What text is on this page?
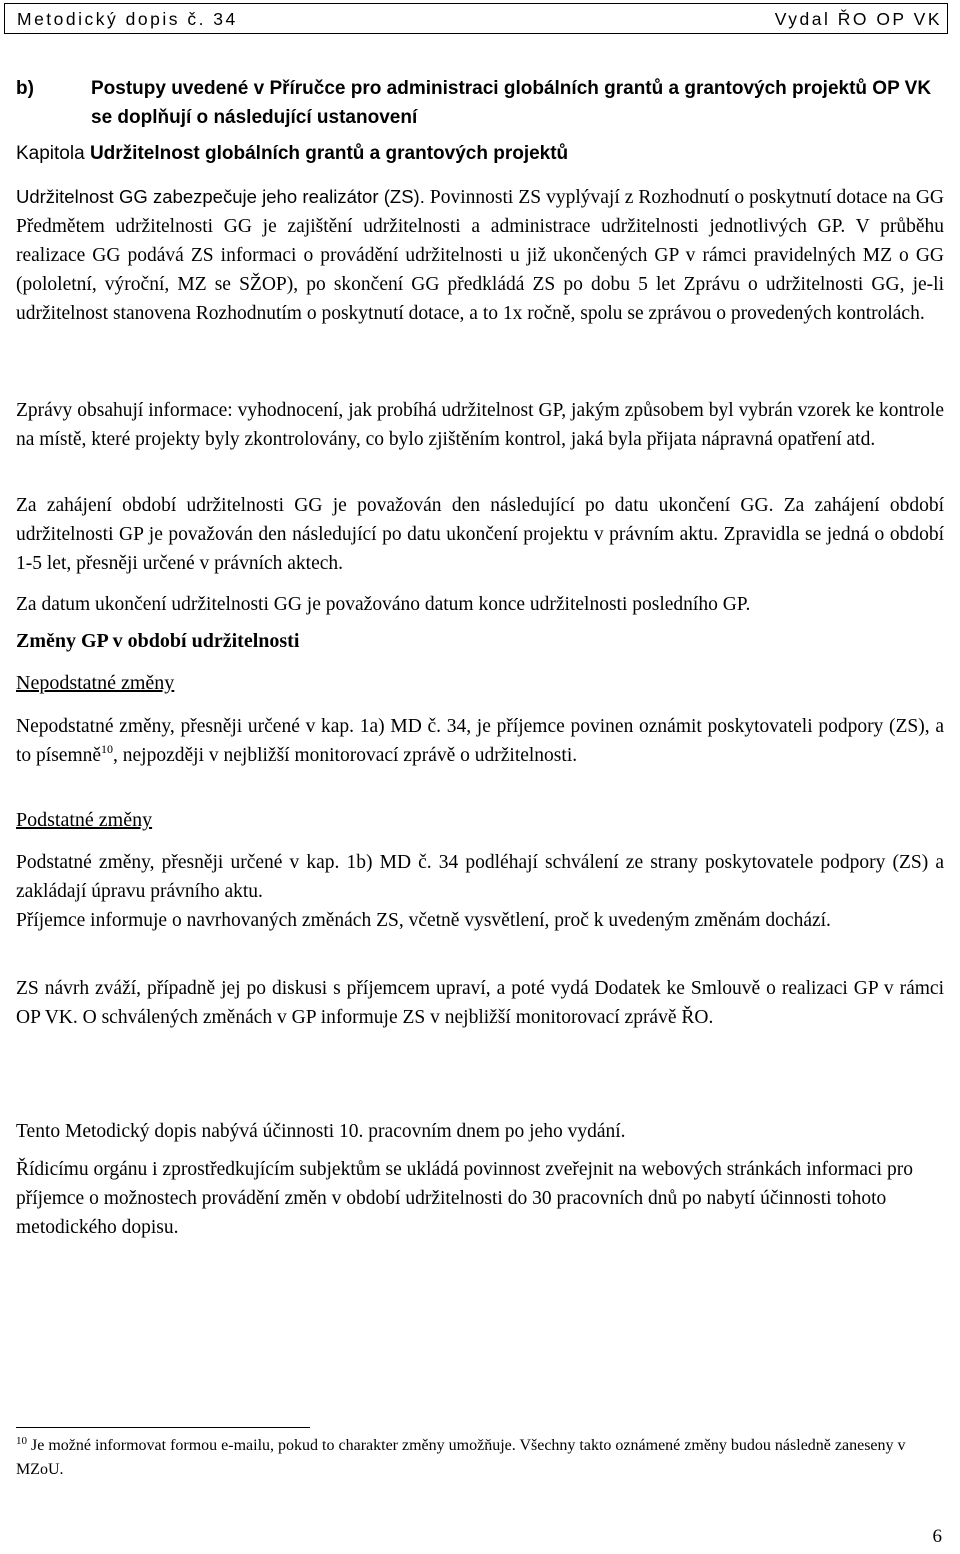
Metodický dopis č. 34	Vydal ŘO OP VK
b)	Postupy uvedené v Příručce pro administraci globálních grantů a grantových projektů OP VK se doplňují o následující ustanovení
Kapitola Udržitelnost globálních grantů a grantových projektů

Udržitelnost GG zabezpečuje jeho realizátor (ZS). Povinnosti ZS vyplývají z Rozhodnutí o poskytnutí dotace na GG Předmětem udržitelnosti GG je zajištění udržitelnosti a administrace udržitelnosti jednotlivých GP. V průběhu realizace GG podává ZS informaci o provádění udržitelnosti u již ukončených GP v rámci pravidelných MZ o GG (pololetní, výroční, MZ se SŽOP), po skončení GG předkládá ZS po dobu 5 let Zprávu o udržitelnosti GG, je-li udržitelnost stanovena Rozhodnutím o poskytnutí dotace, a to 1x ročně, spolu se zprávou o provedených kontrolách.

Zprávy obsahují informace: vyhodnocení, jak probíhá udržitelnost GP, jakým způsobem byl vybrán vzorek ke kontrole na místě, které projekty byly zkontrolovány, co bylo zjištěním kontrol, jaká byla přijata nápravná opatření atd.

Za zahájení období udržitelnosti GG je považován den následující po datu ukončení GG. Za zahájení období udržitelnosti GP je považován den následující po datu ukončení projektu v právním aktu. Zpravidla se jedná o období 1-5 let, přesněji určené v právních aktech.

Za datum ukončení udržitelnosti GG je považováno datum konce udržitelnosti posledního GP.

Změny GP v období udržitelnosti
Nepodstatné změny

Nepodstatné změny, přesněji určené v kap. 1a) MD č. 34, je příjemce povinen oznámit poskytovateli podpory (ZS), a to písemně$^{10}$, nejpozději v nejbližší monitorovací zprávě o udržitelnosti.

Podstatné změny

Podstatné změny, přesněji určené v kap. 1b) MD č. 34 podléhají schválení ze strany poskytovatele podpory (ZS) a zakládají úpravu právního aktu.

Příjemce informuje o navrhovaných změnách ZS, včetně vysvětlení, proč k uvedeným změnám dochází.

ZS návrh zváží, případně jej po diskusi s příjemcem upraví, a poté vydá Dodatek ke Smlouvě o realizaci GP v rámci OP VK. O schválených změnách v GP informuje ZS v nejbližší monitorovací zprávě ŘO.

Tento Metodický dopis nabývá účinnosti 10. pracovním dnem po jeho vydání.

Řídicímu orgánu i zprostředkujícím subjektům se ukládá povinnost zveřejnit na webových stránkách informaci pro příjemce o možnostech provádění změn v období udržitelnosti do 30 pracovních dnů po nabytí účinnosti tohoto metodického dopisu.

$^{10}$ Je možné informovat formou e-mailu, pokud to charakter změny umožňuje. Všechny takto oznámené změny budou následně zaneseny v MZoU.
6
